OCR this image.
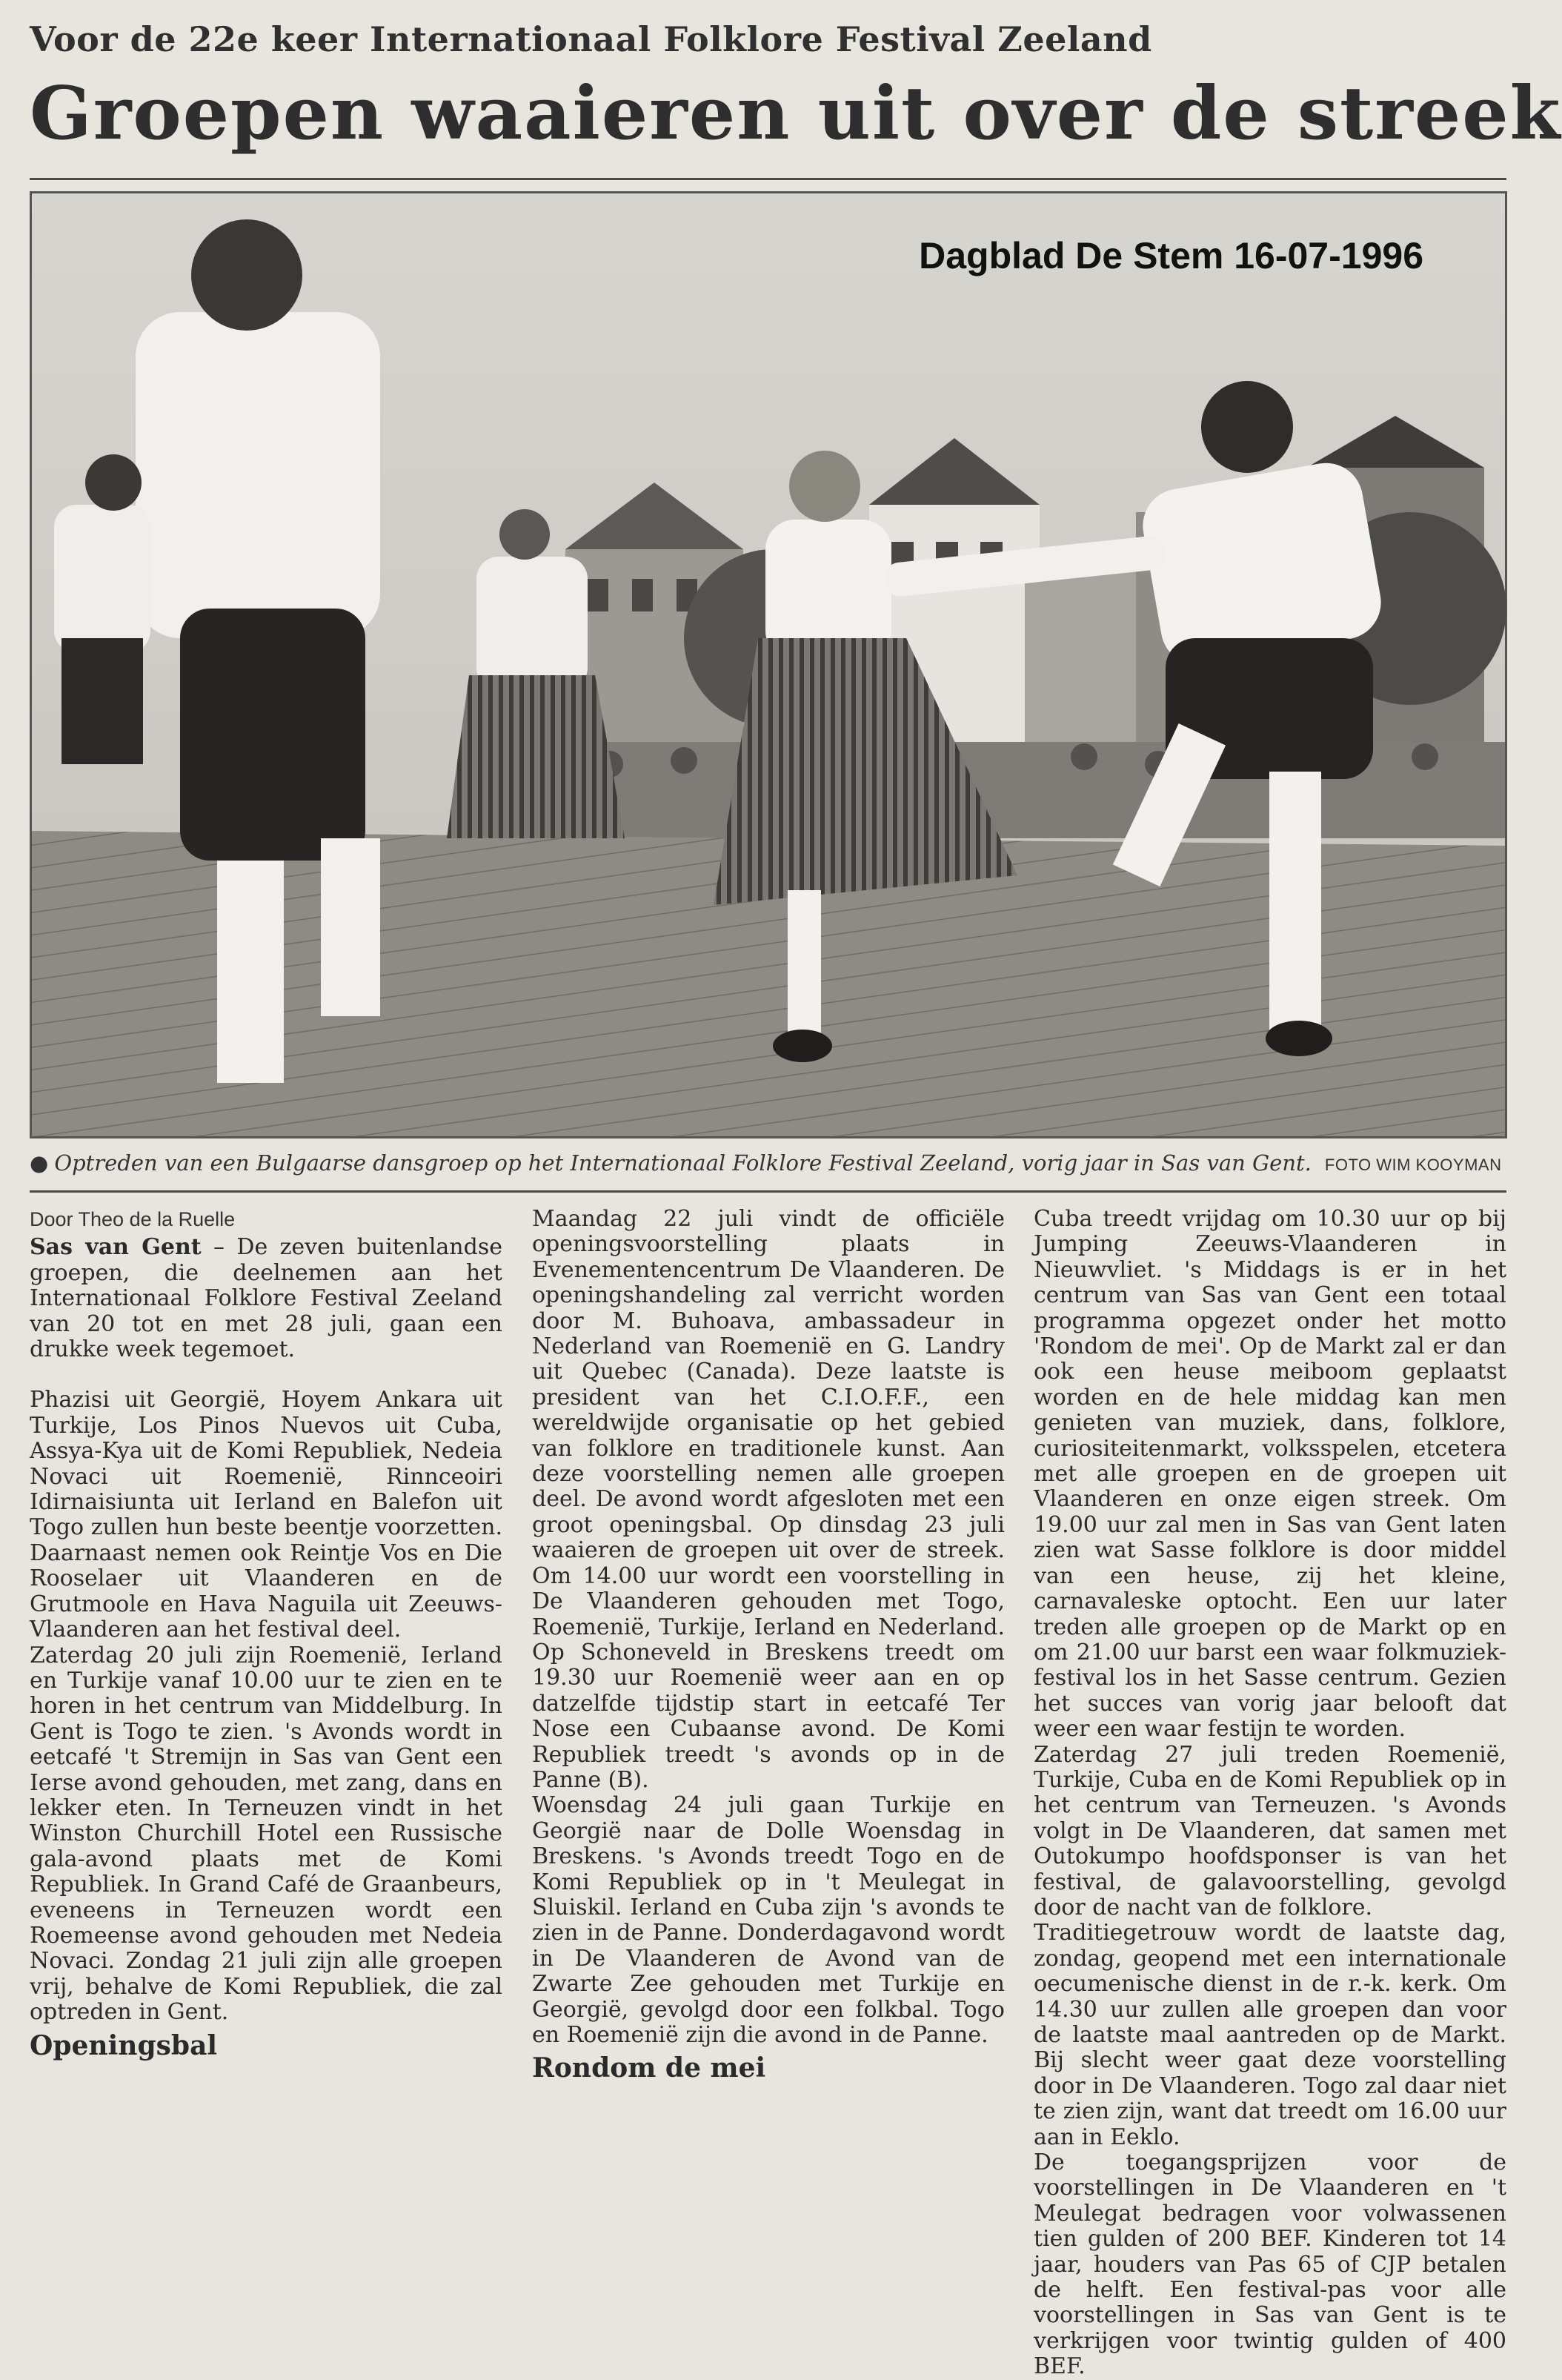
Voor de 22e keer Internationaal Folklore Festival Zeeland
Groepen waaieren uit over de streek
Dagblad De Stem 16-07-1996
● Optreden van een Bulgaarse dansgroep op het Internationaal Folklore Festival Zeeland, vorig jaar in Sas van Gent. FOTO WIM KOOYMAN
Door Theo de la Ruelle

Sas van Gent – De zeven buitenlandse groepen, die deelnemen aan het Internationaal Folklore Festival Zeeland van 20 tot en met 28 juli, gaan een drukke week tegemoet.

Phazisi uit Georgië, Hoyem Ankara uit Turkije, Los Pinos Nuevos uit Cuba, Assya-Kya uit de Komi Republiek, Nedeia Novaci uit Roemenië, Rinnceoiri Idirnaisiunta uit Ierland en Balefon uit Togo zullen hun beste beentje voorzetten. Daarnaast nemen ook Reintje Vos en Die Rooselaer uit Vlaanderen en de Grutmoole en Hava Naguila uit Zeeuws-Vlaanderen aan het festival deel.

Zaterdag 20 juli zijn Roemenië, Ierland en Turkije vanaf 10.00 uur te zien en te horen in het centrum van Middelburg. In Gent is Togo te zien. 's Avonds wordt in eetcafé 't Stremijn in Sas van Gent een Ierse avond gehouden, met zang, dans en lekker eten. In Terneuzen vindt in het Winston Churchill Hotel een Russische gala-avond plaats met de Komi Republiek. In Grand Café de Graanbeurs, eveneens in Terneuzen wordt een Roemeense avond gehouden met Nedeia Novaci. Zondag 21 juli zijn alle groepen vrij, behalve de Komi Republiek, die zal optreden in Gent.

Openingsbal

Maandag 22 juli vindt de officiële openingsvoorstelling plaats in Evenementencentrum De Vlaanderen. De openingshandeling zal verricht worden door M. Buhoava, ambassadeur in Nederland van Roemenië en G. Landry uit Quebec (Canada). Deze laatste is president van het C.I.O.F.F., een wereldwijde organisatie op het gebied van folklore en traditionele kunst. Aan deze voorstelling nemen alle groepen deel. De avond wordt afgesloten met een groot openingsbal. Op dinsdag 23 juli waaieren de groepen uit over de streek. Om 14.00 uur wordt een voorstelling in De Vlaanderen gehouden met Togo, Roemenië, Turkije, Ierland en Nederland. Op Schoneveld in Breskens treedt om 19.30 uur Roemenië weer aan en op datzelfde tijdstip start in eetcafé Ter Nose een Cubaanse avond. De Komi Republiek treedt 's avonds op in de Panne (B).

Woensdag 24 juli gaan Turkije en Georgië naar de Dolle Woensdag in Breskens. 's Avonds treedt Togo en de Komi Republiek op in 't Meulegat in Sluiskil. Ierland en Cuba zijn 's avonds te zien in de Panne. Donderdagavond wordt in De Vlaanderen de Avond van de Zwarte Zee gehouden met Turkije en Georgië, gevolgd door een folkbal. Togo en Roemenië zijn die avond in de Panne.

Rondom de mei

Cuba treedt vrijdag om 10.30 uur op bij Jumping Zeeuws-Vlaanderen in Nieuwvliet. 's Middags is er in het centrum van Sas van Gent een totaal programma opgezet onder het motto 'Rondom de mei'. Op de Markt zal er dan ook een heuse meiboom geplaatst worden en de hele middag kan men genieten van muziek, dans, folklore, curiositeitenmarkt, volksspelen, etcetera met alle groepen en de groepen uit Vlaanderen en onze eigen streek. Om 19.00 uur zal men in Sas van Gent laten zien wat Sasse folklore is door middel van een heuse, zij het kleine, carnavaleske optocht. Een uur later treden alle groepen op de Markt op en om 21.00 uur barst een waar folkmuziek-festival los in het Sasse centrum. Gezien het succes van vorig jaar belooft dat weer een waar festijn te worden.

Zaterdag 27 juli treden Roemenië, Turkije, Cuba en de Komi Republiek op in het centrum van Terneuzen. 's Avonds volgt in De Vlaanderen, dat samen met Outokumpo hoofdsponser is van het festival, de galavoorstelling, gevolgd door de nacht van de folklore.

Traditiegetrouw wordt de laatste dag, zondag, geopend met een internationale oecumenische dienst in de r.-k. kerk. Om 14.30 uur zullen alle groepen dan voor de laatste maal aantreden op de Markt. Bij slecht weer gaat deze voorstelling door in De Vlaanderen. Togo zal daar niet te zien zijn, want dat treedt om 16.00 uur aan in Eeklo.

De toegangsprijzen voor de voorstellingen in De Vlaanderen en 't Meulegat bedragen voor volwassenen tien gulden of 200 BEF. Kinderen tot 14 jaar, houders van Pas 65 of CJP betalen de helft. Een festival-pas voor alle voorstellingen in Sas van Gent is te verkrijgen voor twintig gulden of 400 BEF.
